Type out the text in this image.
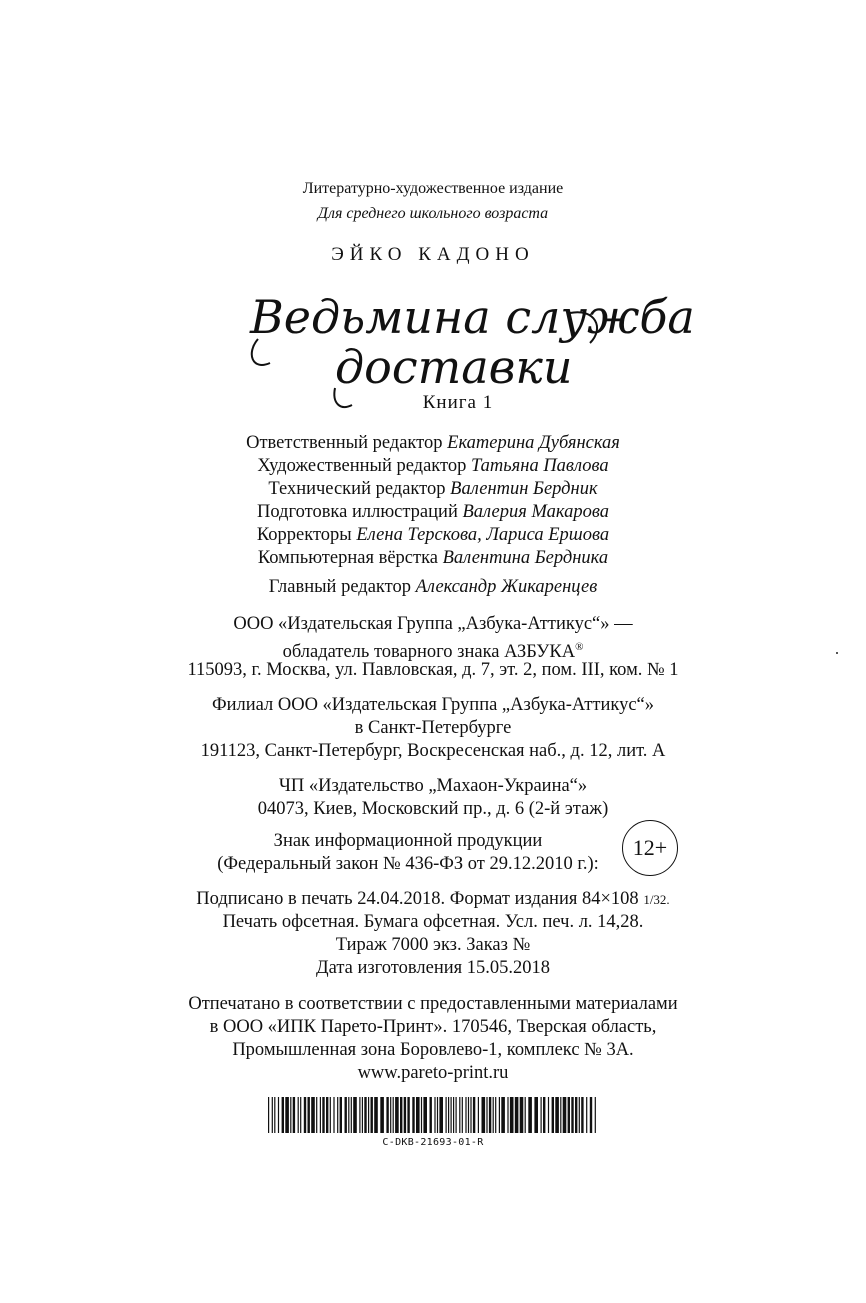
Литературно-художественное издание
Для среднего школьного возраста
ЭЙКО КАДОНО
Ведьмина служба
доставки
Книга 1
Ответственный редактор Екатерина Дубянская
Художественный редактор Татьяна Павлова
Технический редактор Валентин Бердник
Подготовка иллюстраций Валерия Макарова
Корректоры Елена Терскова, Лариса Ершова
Компьютерная вёрстка Валентина Бердника
Главный редактор Александр Жикаренцев
ООО «Издательская Группа „Азбука-Аттикус“» —
обладатель товарного знака АЗБУКА®
115093, г. Москва, ул. Павловская, д. 7, эт. 2, пом. III, ком. № 1
Филиал ООО «Издательская Группа „Азбука-Аттикус“»
в Санкт-Петербурге
191123, Санкт-Петербург, Воскресенская наб., д. 12, лит. А
ЧП «Издательство „Махаон-Украина“»
04073, Киев, Московский пр., д. 6 (2-й этаж)
Знак информационной продукции
(Федеральный закон № 436-ФЗ от 29.12.2010 г.):
12+
Подписано в печать 24.04.2018. Формат издания 84×108 1/32.
Печать офсетная. Бумага офсетная. Усл. печ. л. 14,28.
Тираж 7000 экз. Заказ №
Дата изготовления 15.05.2018
Отпечатано в соответствии с предоставленными материалами
в ООО «ИПК Парето-Принт». 170546, Тверская область,
Промышленная зона Боровлево-1, комплекс № 3А.
www.pareto-print.ru
C-DKB-21693-01-R
